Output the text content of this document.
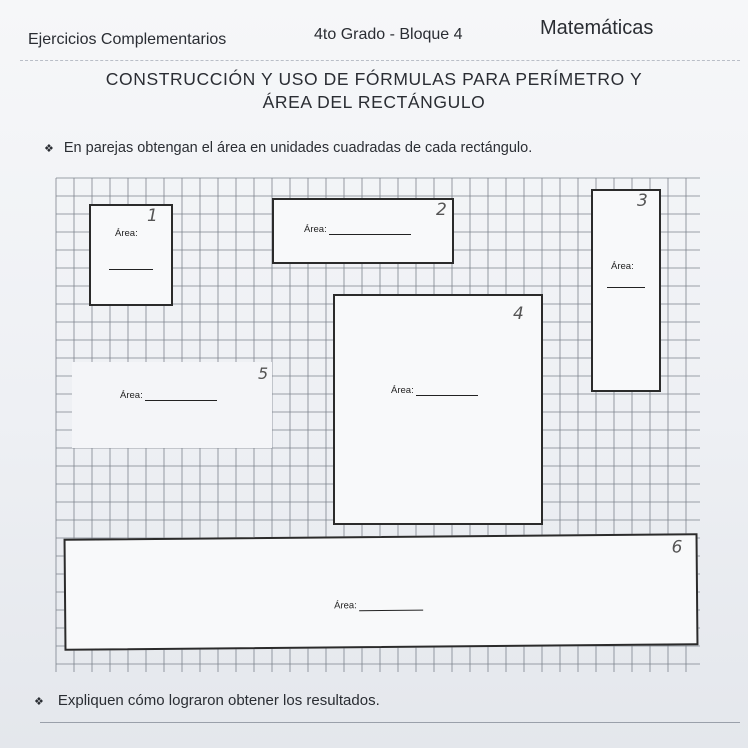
Ejercicios Complementarios	4to Grado - Bloque 4	Matemáticas
CONSTRUCCIÓN Y USO DE FÓRMULAS PARA PERÍMETRO Y
ÁREA DEL RECTÁNGULO
❖ En parejas obtengan el área en unidades cuadradas de cada rectángulo.
1
Área:
2
Área:
3
Área:
4
Área:
5
Área:
6
Área:
❖ Expliquen cómo lograron obtener los resultados.
